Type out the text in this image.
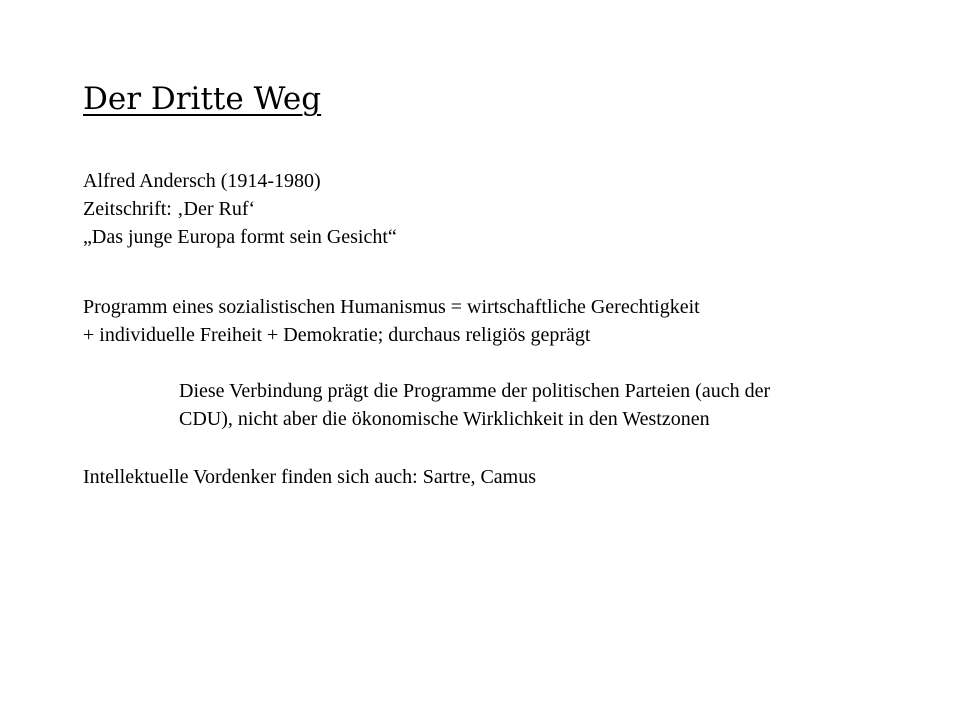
Der Dritte Weg
Alfred Andersch (1914-1980)
Zeitschrift: ‚Der Ruf‘
„Das junge Europa formt sein Gesicht“
Programm eines sozialistischen Humanismus = wirtschaftliche Gerechtigkeit
+ individuelle Freiheit + Demokratie; durchaus religiös geprägt
Diese Verbindung prägt die Programme der politischen Parteien (auch der
CDU), nicht aber die ökonomische Wirklichkeit in den Westzonen
Intellektuelle Vordenker finden sich auch: Sartre, Camus
